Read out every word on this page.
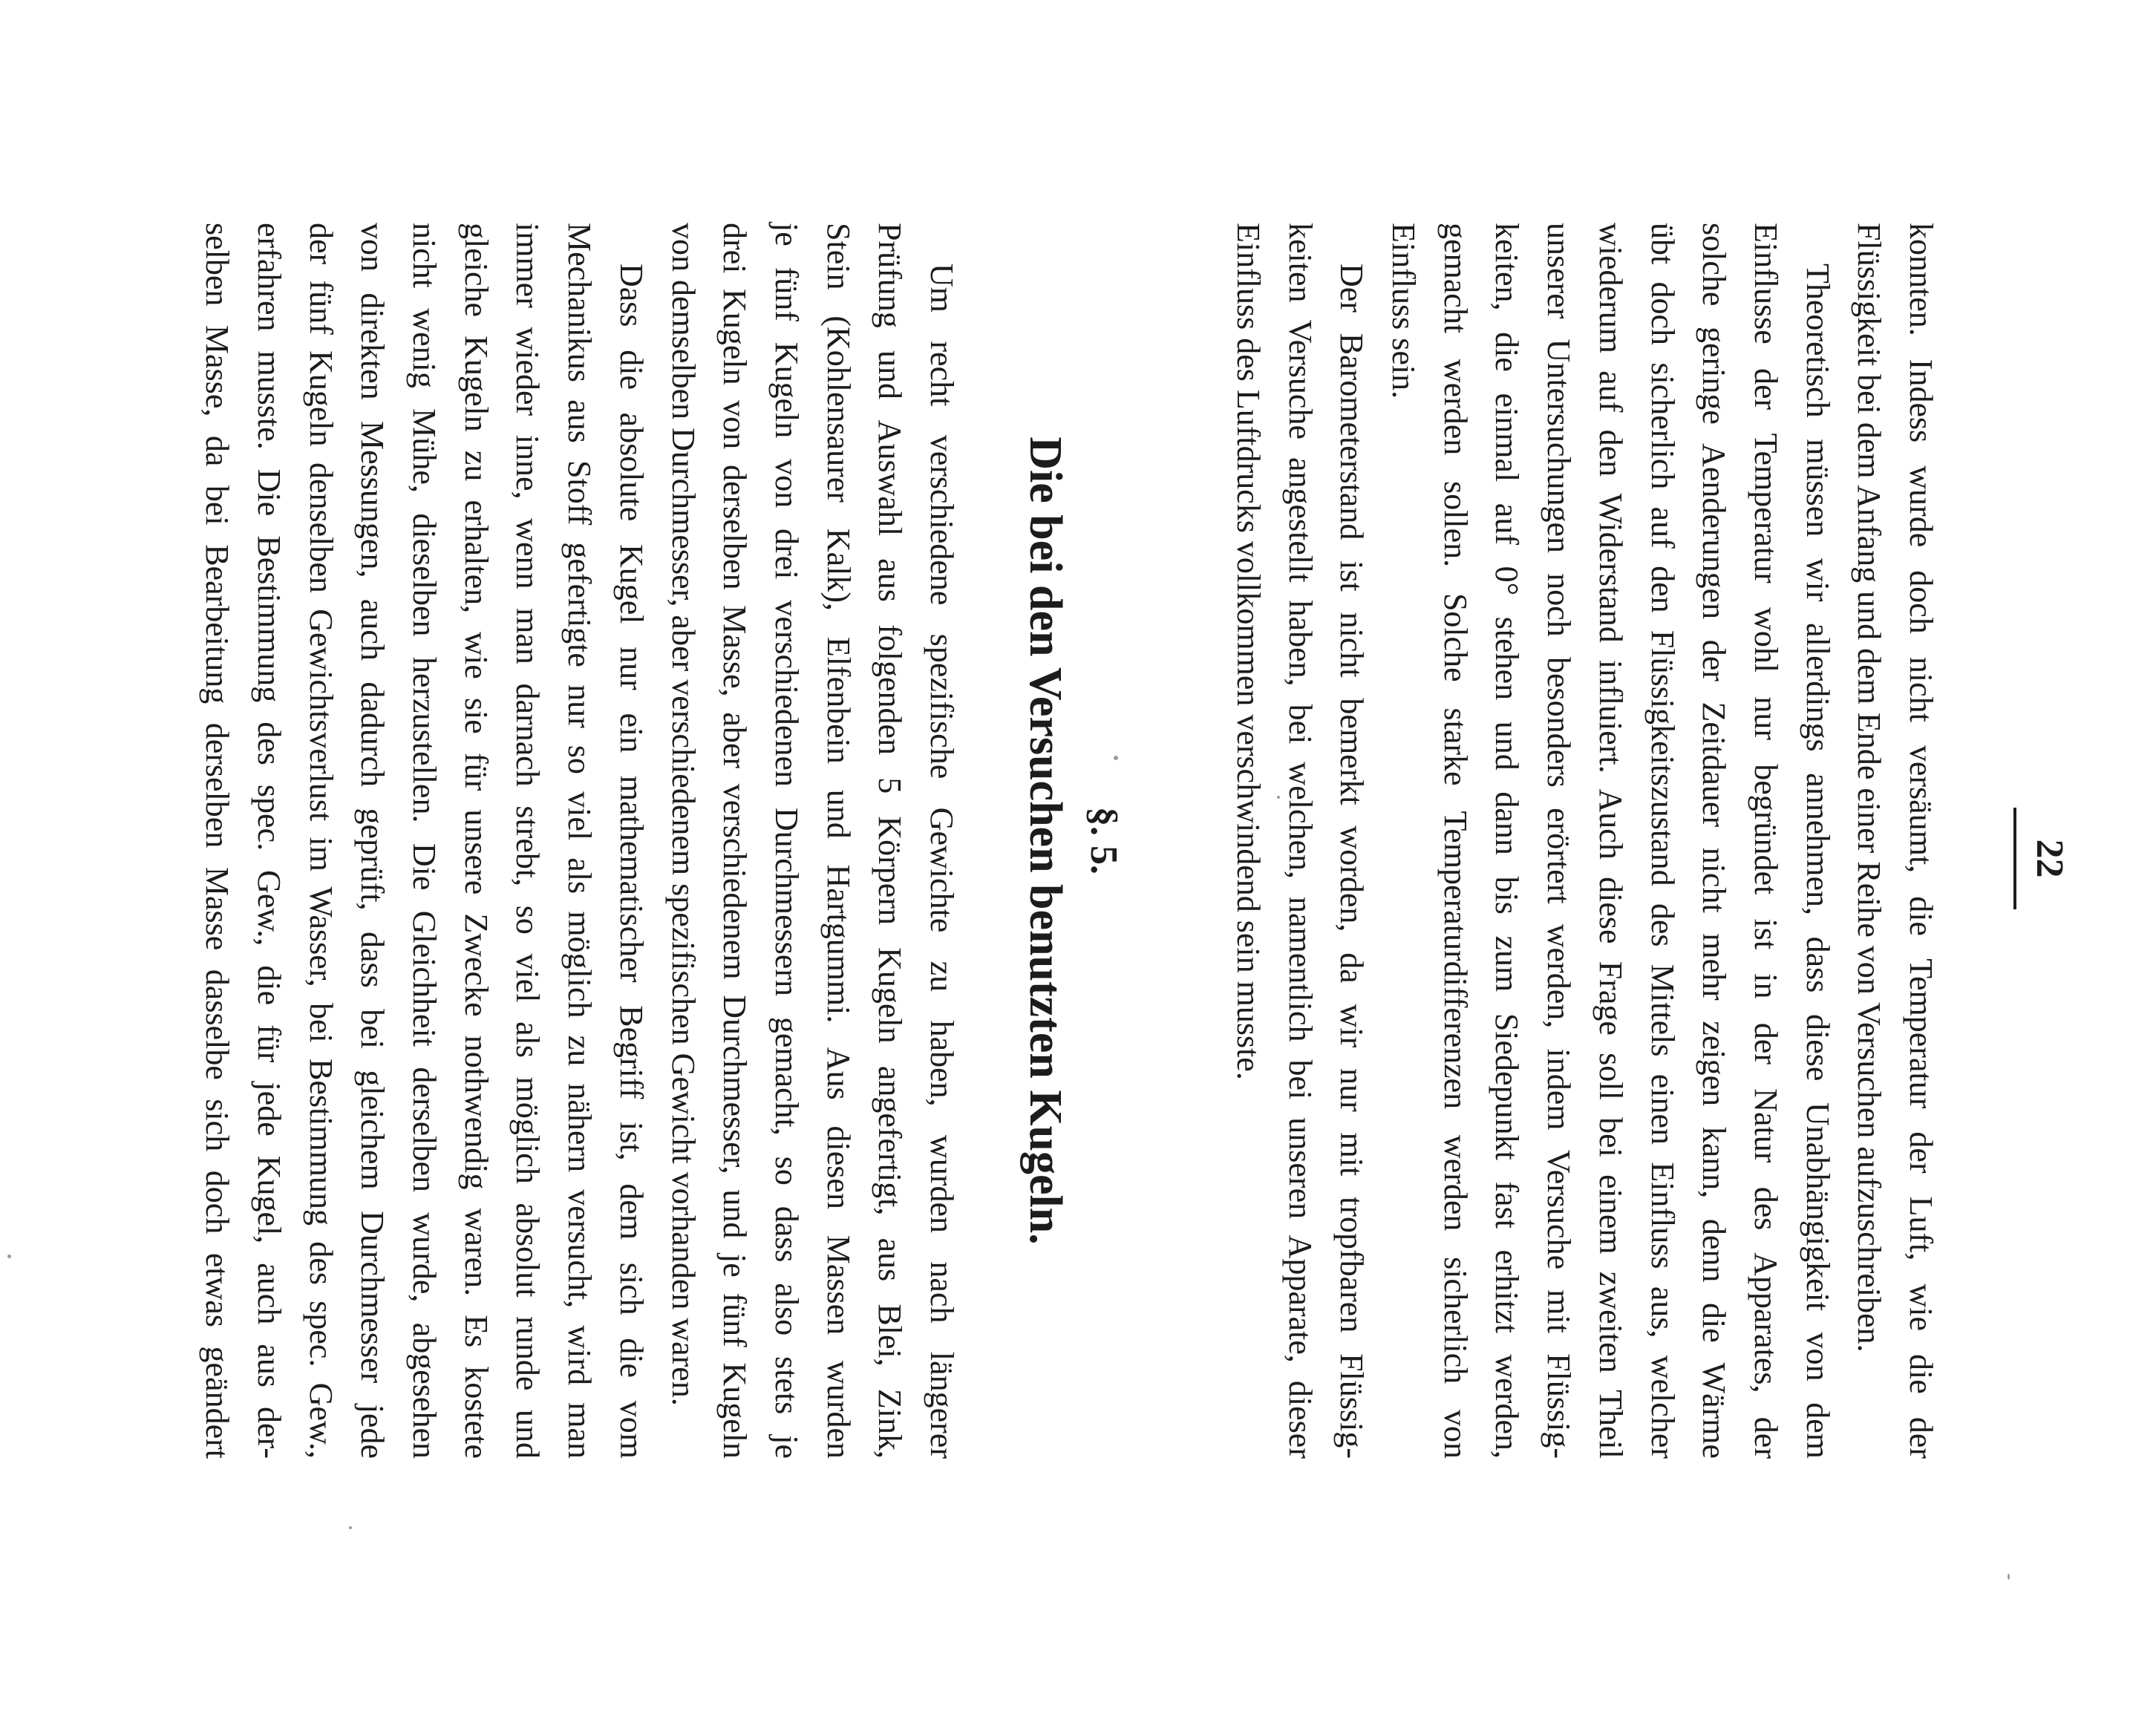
22
konnten. Indess wurde doch nicht versäumt, die Temperatur der Luft, wie die der
Flüssigkeit bei dem Anfang und dem Ende einer Reihe von Versuchen aufzuschreiben.
Theoretisch müssen wir allerdings annehmen, dass diese Unabhängigkeit von dem
Einflusse der Temperatur wohl nur begründet ist in der Natur des Apparates, der
solche geringe Aenderungen der Zeitdauer nicht mehr zeigen kann, denn die Wärme
übt doch sicherlich auf den Flüssigkeitszustand des Mittels einen Einfluss aus, welcher
wiederum auf den Widerstand influiert. Auch diese Frage soll bei einem zweiten Theil
unserer Untersuchungen noch besonders erörtert werden, indem Versuche mit Flüssig-
keiten, die einmal auf 0° stehen und dann bis zum Siedepunkt fast erhitzt werden,
gemacht werden sollen. Solche starke Temperaturdifferenzen werden sicherlich von
Einfluss sein.
Der Barometerstand ist nicht bemerkt worden, da wir nur mit tropfbaren Flüssig-
keiten Versuche angestellt haben, bei welchen, namentlich bei unseren Apparate, dieser
Einfluss des Luftdrucks vollkommen verschwindend sein musste.
§. 5.
Die bei den Versuchen benutzten Kugeln.
Um recht verschiedene spezifische Gewichte zu haben, wurden nach längerer
Prüfung und Auswahl aus folgenden 5 Körpern Kugeln angefertigt, aus Blei, Zink,
Stein (Kohlensaurer Kalk), Elfenbein und Hartgummi. Aus diesen Massen wurden
je fünf Kugeln von drei verschiedenen Durchmessern gemacht, so dass also stets je
drei Kugeln von derselben Masse, aber verschiedenem Durchmesser, und je fünf Kugeln
von demselben Durchmesser, aber verschiedenem spezifischen Gewicht vorhanden waren.
Dass die absolute Kugel nur ein mathematischer Begriff ist, dem sich die vom
Mechanikus aus Stoff gefertigte nur so viel als möglich zu nähern versucht, wird man
immer wieder inne, wenn man darnach strebt, so viel als möglich absolut runde und
gleiche Kugeln zu erhalten, wie sie für unsere Zwecke nothwendig waren. Es kostete
nicht wenig Mühe, dieselben herzustellen. Die Gleichheit derselben wurde, abgesehen
von direkten Messungen, auch dadurch geprüft, dass bei gleichem Durchmesser jede
der fünf Kugeln denselben Gewichtsverlust im Wasser, bei Bestimmung des spec. Gew.,
erfahren musste. Die Bestimmung des spec. Gew., die für jede Kugel, auch aus der-
selben Masse, da bei Bearbeitung derselben Masse dasselbe sich doch etwas geändert
